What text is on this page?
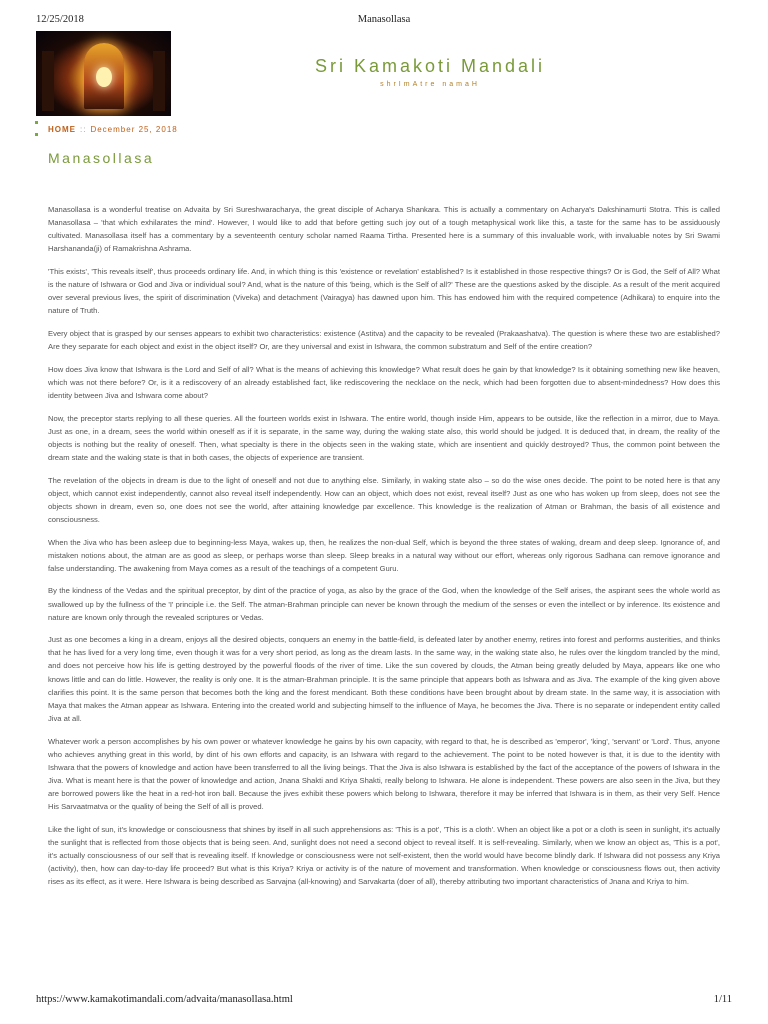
12/25/2018	Manasollasa
Sri Kamakoti Mandali
shrImAtre namaH
HOME :: December 25, 2018
Manasollasa

Manasollasa is a wonderful treatise on Advaita by Sri Sureshwaracharya, the great disciple of Acharya Shankara. This is actually a commentary on Acharya's Dakshinamurti Stotra. This is called Manasollasa – 'that which exhilarates the mind'. However, I would like to add that before getting such joy out of a tough metaphysical work like this, a taste for the same has to be assiduously cultivated. Manasollasa itself has a commentary by a seventeenth century scholar named Raama Tirtha. Presented here is a summary of this invaluable work, with invaluable notes by Sri Swami Harshananda(ji) of Ramakrishna Ashrama.

'This exists', 'This reveals itself', thus proceeds ordinary life. And, in which thing is this 'existence or revelation' established? Is it established in those respective things? Or is God, the Self of All? What is the nature of Ishwara or God and Jiva or individual soul? And, what is the nature of this 'being, which is the Self of all?' These are the questions asked by the disciple. As a result of the merit acquired over several previous lives, the spirit of discrimination (Viveka) and detachment (Vairagya) has dawned upon him. This has endowed him with the required competence (Adhikara) to enquire into the nature of Truth.

Every object that is grasped by our senses appears to exhibit two characteristics: existence (Astitva) and the capacity to be revealed (Prakaashatva). The question is where these two are established? Are they separate for each object and exist in the object itself? Or, are they universal and exist in Ishwara, the common substratum and Self of the entire creation?

How does Jiva know that Ishwara is the Lord and Self of all? What is the means of achieving this knowledge? What result does he gain by that knowledge? Is it obtaining something new like heaven, which was not there before? Or, is it a rediscovery of an already established fact, like rediscovering the necklace on the neck, which had been forgotten due to absent-mindedness? How does this identity between Jiva and Ishwara come about?

Now, the preceptor starts replying to all these queries. All the fourteen worlds exist in Ishwara. The entire world, though inside Him, appears to be outside, like the reflection in a mirror, due to Maya. Just as one, in a dream, sees the world within oneself as if it is separate, in the same way, during the waking state also, this world should be judged. It is deduced that, in dream, the reality of the objects is nothing but the reality of oneself. Then, what specialty is there in the objects seen in the waking state, which are insentient and quickly destroyed? Thus, the common point between the dream state and the waking state is that in both cases, the objects of experience are transient.

The revelation of the objects in dream is due to the light of oneself and not due to anything else. Similarly, in waking state also – so do the wise ones decide. The point to be noted here is that any object, which cannot exist independently, cannot also reveal itself independently. How can an object, which does not exist, reveal itself? Just as one who has woken up from sleep, does not see the objects shown in dream, even so, one does not see the world, after attaining knowledge par excellence. This knowledge is the realization of Atman or Brahman, the basis of all existence and consciousness.

When the Jiva who has been asleep due to beginning-less Maya, wakes up, then, he realizes the non-dual Self, which is beyond the three states of waking, dream and deep sleep. Ignorance of, and mistaken notions about, the atman are as good as sleep, or perhaps worse than sleep. Sleep breaks in a natural way without our effort, whereas only rigorous Sadhana can remove ignorance and false understanding. The awakening from Maya comes as a result of the teachings of a competent Guru.

By the kindness of the Vedas and the spiritual preceptor, by dint of the practice of yoga, as also by the grace of the God, when the knowledge of the Self arises, the aspirant sees the whole world as swallowed up by the fullness of the 'I' principle i.e. the Self. The atman-Brahman principle can never be known through the medium of the senses or even the intellect or by inference. Its existence and nature are known only through the revealed scriptures or Vedas.

Just as one becomes a king in a dream, enjoys all the desired objects, conquers an enemy in the battle-field, is defeated later by another enemy, retires into forest and performs austerities, and thinks that he has lived for a very long time, even though it was for a very short period, as long as the dream lasts. In the same way, in the waking state also, he rules over the kingdom trancled by the mind, and does not perceive how his life is getting destroyed by the powerful floods of the river of time. Like the sun covered by clouds, the Atman being greatly deluded by Maya, appears like one who knows little and can do little. However, the reality is only one. It is the atman-Brahman principle. It is the same principle that appears both as Ishwara and as Jiva. The example of the king given above clarifies this point. It is the same person that becomes both the king and the forest mendicant. Both these conditions have been brought about by dream state. In the same way, it is association with Maya that makes the Atman appear as Ishwara. Entering into the created world and subjecting himself to the influence of Maya, he becomes the Jiva. There is no separate or independent entity called Jiva at all.

Whatever work a person accomplishes by his own power or whatever knowledge he gains by his own capacity, with regard to that, he is described as 'emperor', 'king', 'servant' or 'Lord'. Thus, anyone who achieves anything great in this world, by dint of his own efforts and capacity, is an Ishwara with regard to the achievement. The point to be noted however is that, it is due to the identity with Ishwara that the powers of knowledge and action have been transferred to all the living beings. That the Jiva is also Ishwara is established by the fact of the acceptance of the powers of Ishwara in the Jiva. What is meant here is that the power of knowledge and action, Jnana Shakti and Kriya Shakti, really belong to Ishwara. He alone is independent. These powers are also seen in the Jiva, but they are borrowed powers like the heat in a red-hot iron ball. Because the jives exhibit these powers which belong to Ishwara, therefore it may be inferred that Ishwara is in them, as their very Self. Hence His Sarvaatmatva or the quality of being the Self of all is proved.

Like the light of sun, it's knowledge or consciousness that shines by itself in all such apprehensions as: 'This is a pot', 'This is a cloth'. When an object like a pot or a cloth is seen in sunlight, it's actually the sunlight that is reflected from those objects that is being seen. And, sunlight does not need a second object to reveal itself. It is self-revealing. Similarly, when we know an object as, 'This is a pot', it's actually consciousness of our self that is revealing itself. If knowledge or consciousness were not self-existent, then the world would have become blindly dark. If Ishwara did not possess any Kriya (activity), then, how can day-to-day life proceed? But what is this Kriya? Kriya or activity is of the nature of movement and transformation. When knowledge or consciousness flows out, then activity rises as its effect, as it were. Here Ishwara is being described as Sarvajna (all-knowing) and Sarvakarta (doer of all), thereby attributing two important characteristics of Jnana and Kriya to him.

https://www.kamakotimandali.com/advaita/manasollasa.html	1/11
